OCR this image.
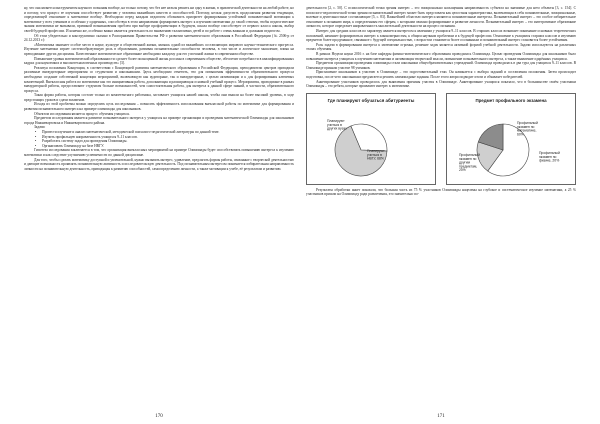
ну, что она является инструментом научного познания вообще, на только потому, что без нее нельзя решить ни одну в жизни, в практической деятельности на любой работе, но и потому, что процесс ее изучения способствует развитию у человека важнейших качеств и способностей. Поэтому, нельзя допустить продолжения развития тенденции, определяющей отношение к математике вообще. Необходимо перед каждым педагогом обозначить приоритет формирования устойчивой познавательной мотивации к математике у всех учеников и особенно у одаренных, способствуя в этом направлении формировать интерес к изучению математики до такой степени, чтобы педагогические знания математики не вызывали, причиной возникновения проблем при выборе профориентации в будущем, школа вообще способствует от первого класса школы, выбор своей будущей профессии. И конечно же, особенно важно является деятельность по выявлению талантливых детей и по работе с очень важным и должным педагогом.

Об этом убедительно и конструктивно сказано в Распоряжении Правительства РФ о развитии математического образования в Российской Федерации (№ 2506-р от 24.12.2013 г.):

«Математика занимает особое место в науке, культуре и общественной жизни, являясь одной из важнейших составляющих мирового научно-технического прогресса. Изучение математики играет системообразующую роль в образовании, развивая познавательные способности человека, в том числе и логическое мышление, влияя на преподавание других дисциплин. Качественное математическое образование необходимо каждому для его успешной жизни в современном обществе.

Повышение уровня математической образованности сделает более полноценной жизнь россиян в современном обществе, обеспечит потребности в квалифицированных кадрах для наукоемких и высокотехнологичных производств» [3].

Реализуя положения Концепции, в соответствии с Концепцией развития математического образования в Российской Федерации, преподаватели центров проводили различные внеаудиторные мероприятия со студентами и школьниками. Здесь необходимо отметить, что для повышения эффективности образовательного процесса необходимо создание собственной концепции мероприятий, включающую как аудиторные, так и внеаудиторные, с целью активизации и к для формирования ключевых компетенций. Внеклассная работа по математике как это инициативная работа, дополняющая и расширяющая основной учебный процесс. Мероприятия, проводимые в рамках внеаудиторной работы, предоставляют студентам больше возможностей, чем самостоятельная работа, для интереса к данной сфере знаний, в частности, образовательного процесса.

Такая форма работы, которая состоит только из компетентного работника, заставляет учащихся нашей школы, чтобы они вышли на более высокий уровень, в ходе предстоящих уроков и сдачи экзаменов.

Исходя из этой проблемы можно определить цель исследования – повысить эффективность использования внеклассной работы по математике для формирования и развития познавательного интереса на примере олимпиады для школьников.

Объектом исследования является процесс обучения учащихся.

Предметом исследования является развитие познавательного интереса у учащихся на примере организации и проведения математической Олимпиады для школьников города Нижневартовска и Нижневартовского района.

Задачи:

• Провести изучение и анализ математической, методической психолого-педагогической литературы по данной теме.
• Изучить профильную направленность учащихся 9–11 классов.
• Разработать систему задач для проведения Олимпиады.
• Организовать Олимпиаду на базе НВГУ.

Гипотеза исследования заключается в том, что организация внеклассных мероприятий на примере Олимпиады будет способствовать повышению интереса к изучению математики и как следствие улучшению успеваемости по данной дисциплине.

Для того, чтобы сделать математику доступной и увлекательной, нужно вызывать интерес, удивление, предлагать формы работы, связанные с творческой деятельностью и дающие возможность проявлять познавательную активность и исследовательскую деятельность. Под познавательным интересом понимается избирательная направленность личности на познавательную деятельность, приводящая к развитию способностей, самоопределению личности, а также мотивации к учебе, её результатам и развитию.

170

деятельности [2, с. 50]. С психологической точки зрения интерес – это эмоционально насыщенная направленность субъекта на значимые для него объекты [3, с. 154]. С психолого-педагогической точки зрения познавательный интерес может быть представлен как целостная характеристика, включающая в себя познавательные, эмоциональные, волевые и деятельностные составляющие [5, с. 83]. Важнейшей областью интереса являются познавательные интересы. Познавательный интерес – это особое избирательное отношение к познанию мира, к определенным его сферам, с которыми связано формирование и развитие личности. Познавательный интерес – это интегративное образование личности, которое определяет направленность мыслительной деятельности на процесс познания.

Интерес для средних классов по характеру является интересом к явлениям у учащихся 9–11 классов. В старших классах возникает понимание основных теоретических положений, начинает формироваться интерес к закономерностям, к общим научным проблемам и к будущей профессии. Отношение к учащимся старших классов и изучению предметов более продуманное, связанное с будущей специальностью, с возрастом становится более осознанным и познавательный интерес становится более устойчивым.

Роль задачи в формировании интереса к математике огромна, решение задач является активной формой учебной деятельности. Задачи используются на различных этапах обучения.

В рамках Недели науки 2016 г. на базе кафедры физико-математического образования проводилась Олимпиада. Целью проведения Олимпиады для школьников было повышение интереса учащихся к изучению математики и активизация творческой мысли, повышение познавательного интереса, а также выявление одарённых учащихся.

Предметом организации проведения олимпиады стали школьники общеобразовательных учреждений. Олимпиада проводилась в два тура для учащихся 9–11 классов. В Олимпиаде приняли участие 98 учеников.

Приглашение школьников к участию в Олимпиаде – это подготовительный этап. Он начинается с выбора заданий и составления положения. Затем происходит подготовка, после чего школьникам предлагается решить олимпиадные задания. После этого жюри подводит итоги и объявляет победителей.

Анкетирование участников проводилось для выявления причины участия в Олимпиаде. Анкетирование учащихся показало, что в большинстве своём участники Олимпиады – это ребята, которые проявляют интерес к математике.

Где планируют обучаться абитуриенты
Планируют учиться в других вузах
Планируют учиться в НВГУ, 68%
Предмет профильного экзамена
Профильный экзамен по математике, 60%
Профильный экзамен по физике, 20%
Профильный экзамен по другим предметам, 20%

Результаты обработки анкет показали, что большая часть из 75 % участников Олимпиады нацелены на глубокое и систематическое изучение математики, а 25 % участников пришли на Олимпиаду ради развлечения, это значительно по-

171
